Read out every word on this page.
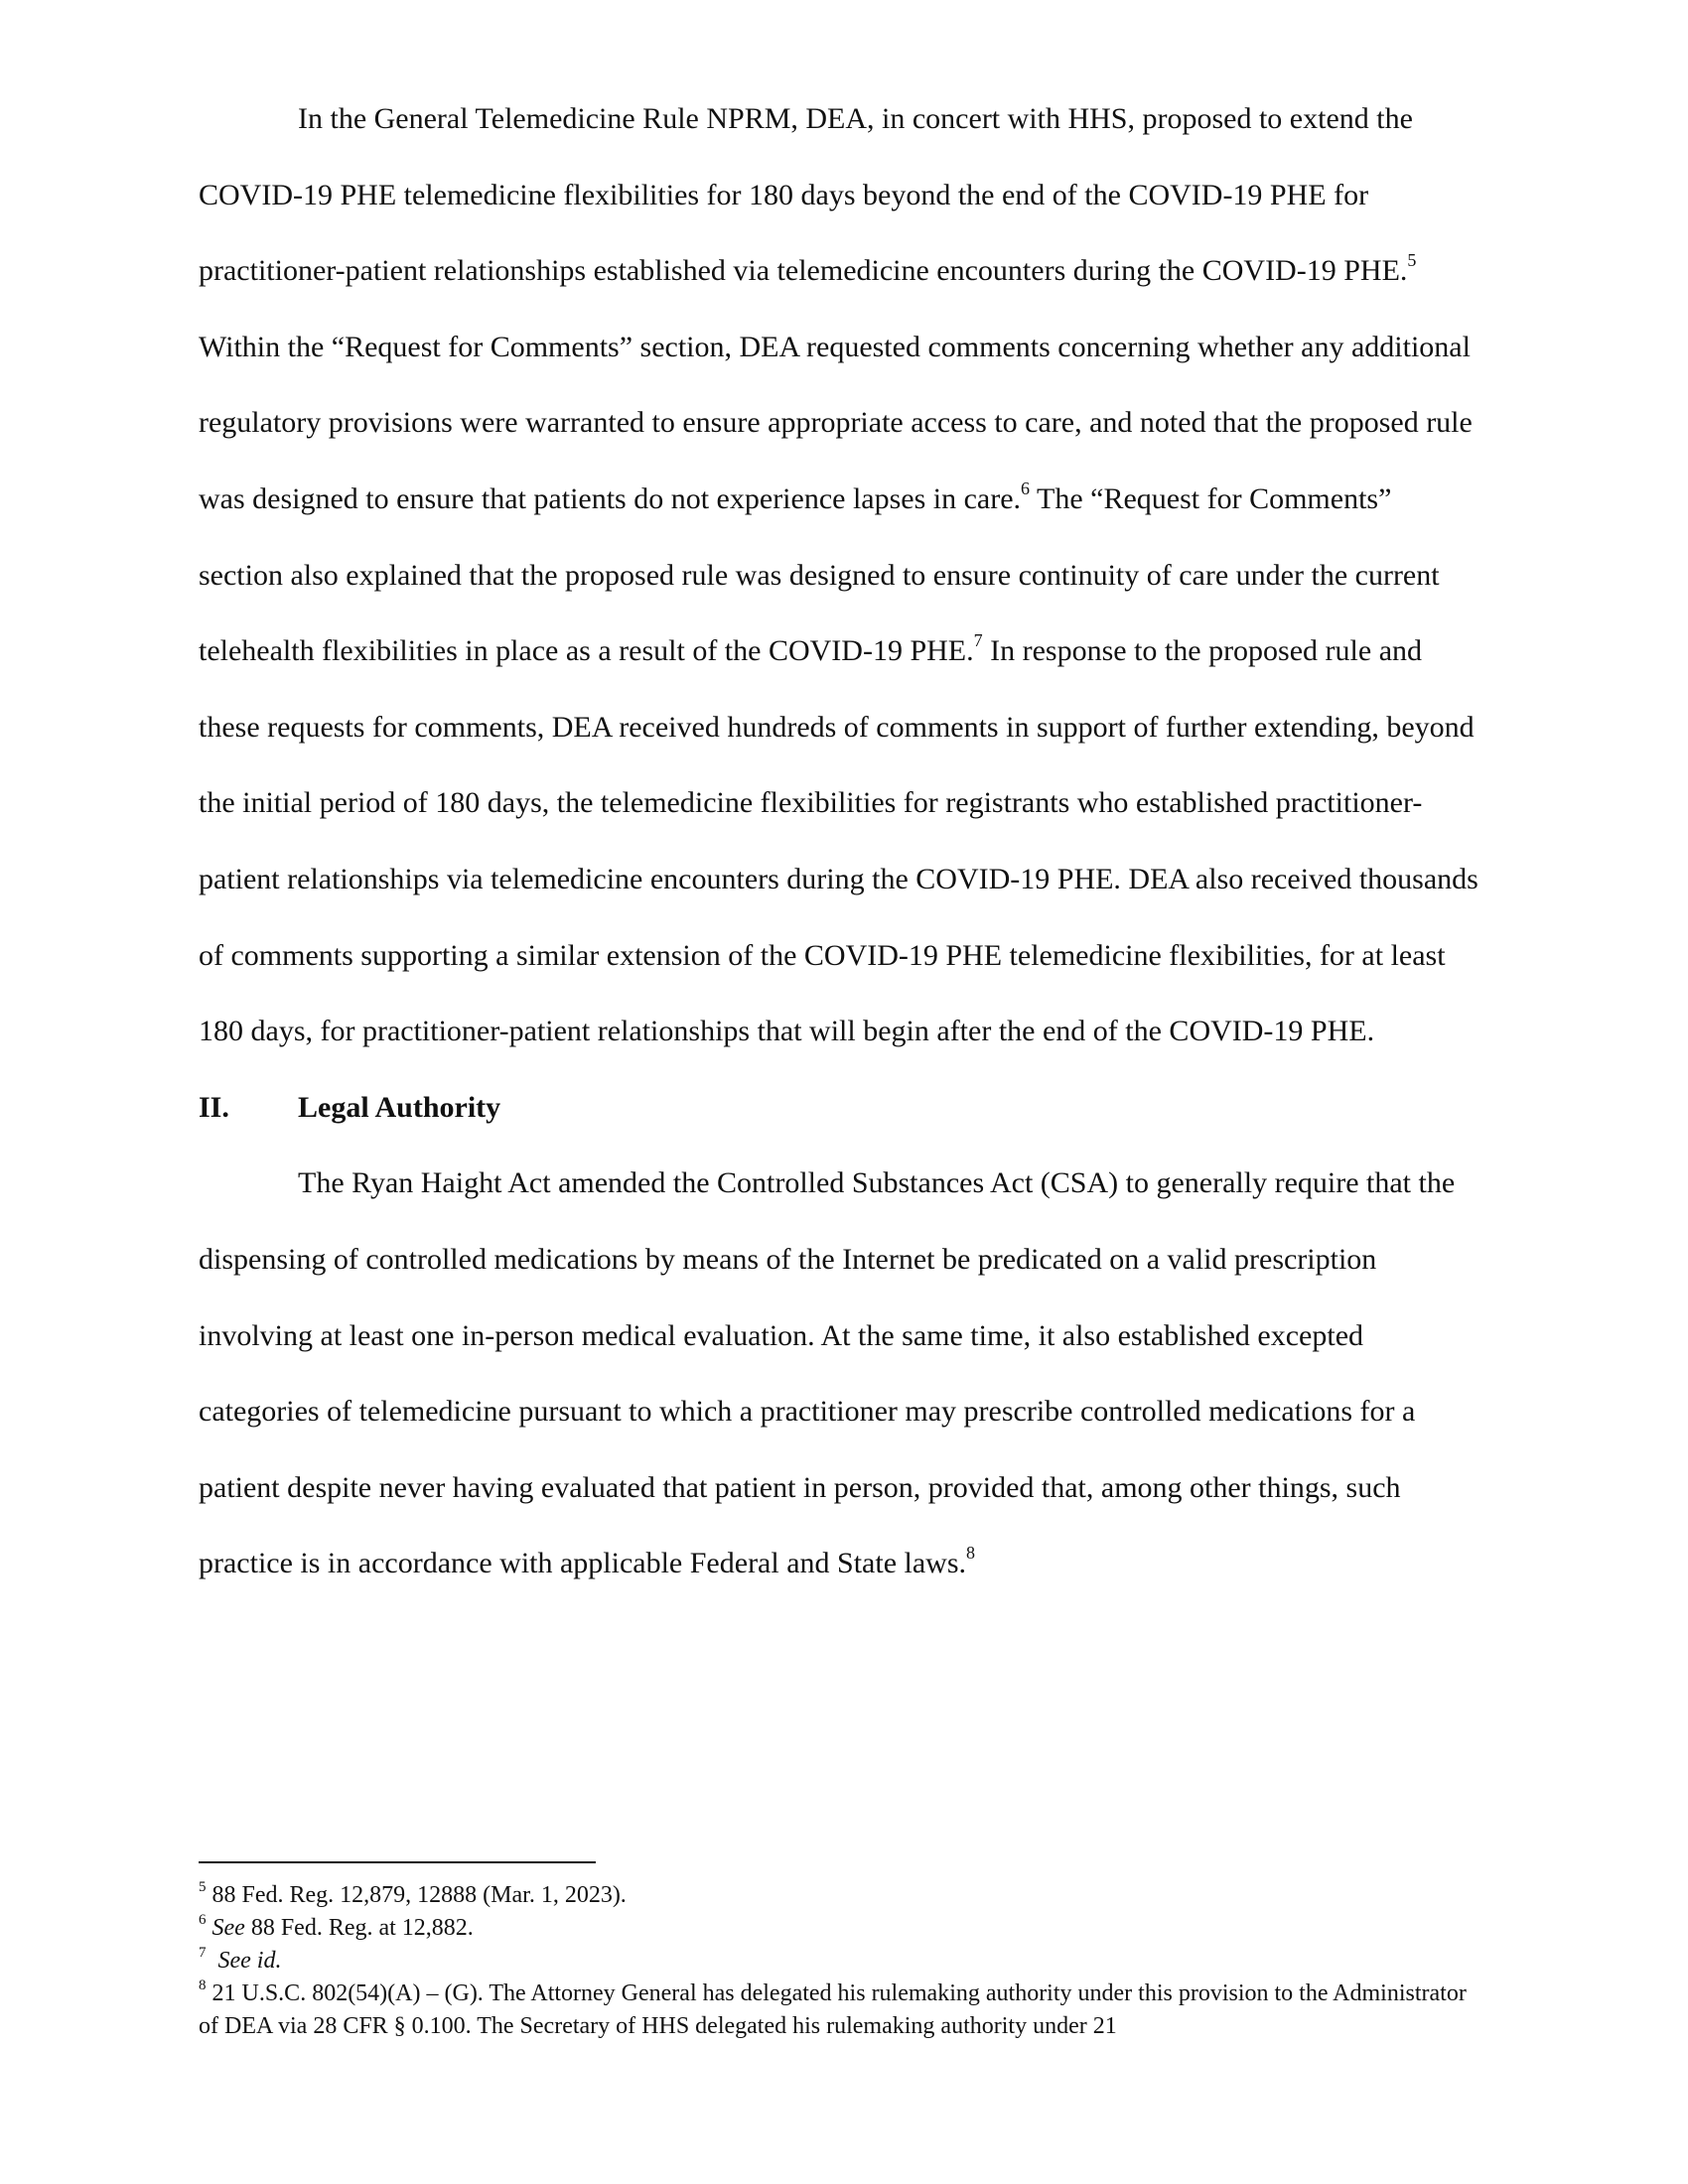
In the General Telemedicine Rule NPRM, DEA, in concert with HHS, proposed to extend the COVID-19 PHE telemedicine flexibilities for 180 days beyond the end of the COVID-19 PHE for practitioner-patient relationships established via telemedicine encounters during the COVID-19 PHE.$^5$ Within the “Request for Comments” section, DEA requested comments concerning whether any additional regulatory provisions were warranted to ensure appropriate access to care, and noted that the proposed rule was designed to ensure that patients do not experience lapses in care.$^6$ The “Request for Comments” section also explained that the proposed rule was designed to ensure continuity of care under the current telehealth flexibilities in place as a result of the COVID-19 PHE.$^7$ In response to the proposed rule and these requests for comments, DEA received hundreds of comments in support of further extending, beyond the initial period of 180 days, the telemedicine flexibilities for registrants who established practitioner-patient relationships via telemedicine encounters during the COVID-19 PHE. DEA also received thousands of comments supporting a similar extension of the COVID-19 PHE telemedicine flexibilities, for at least 180 days, for practitioner-patient relationships that will begin after the end of the COVID-19 PHE.

II. Legal Authority

The Ryan Haight Act amended the Controlled Substances Act (CSA) to generally require that the dispensing of controlled medications by means of the Internet be predicated on a valid prescription involving at least one in-person medical evaluation. At the same time, it also established excepted categories of telemedicine pursuant to which a practitioner may prescribe controlled medications for a patient despite never having evaluated that patient in person, provided that, among other things, such practice is in accordance with applicable Federal and State laws.$^8$

$^5$ 88 Fed. Reg. 12,879, 12888 (Mar. 1, 2023).

$^6$ See 88 Fed. Reg. at 12,882.

$^7$ See id.

$^8$ 21 U.S.C. 802(54)(A) – (G). The Attorney General has delegated his rulemaking authority under this provision to the Administrator of DEA via 28 CFR § 0.100. The Secretary of HHS delegated his rulemaking authority under 21
